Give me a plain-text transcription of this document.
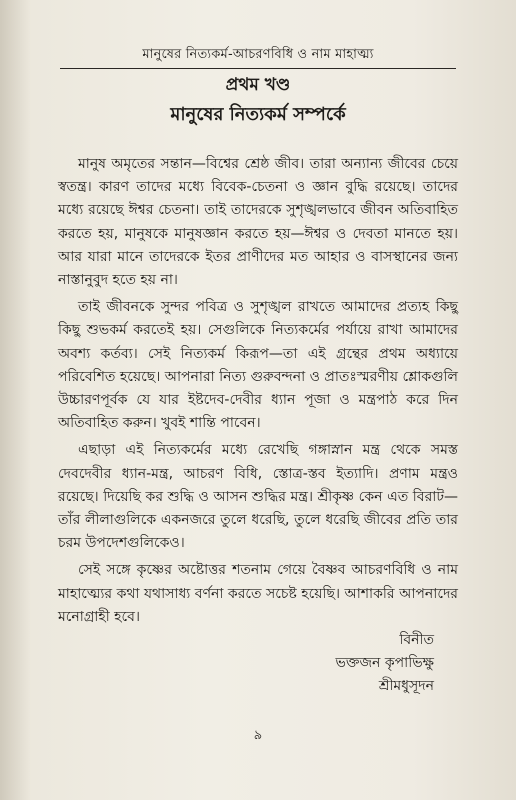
মানুষের নিত্যকর্ম-আচরণবিধি ও নাম মাহাত্ম্য
প্রথম খণ্ড
মানুষের নিত্যকর্ম সম্পর্কে

মানুষ অমৃতের সন্তান—বিশ্বের শ্রেষ্ঠ জীব। তারা অন্যান্য জীবের চেয়ে স্বতন্ত্র। কারণ তাদের মধ্যে বিবেক-চেতনা ও জ্ঞান বুদ্ধি রয়েছে। তাদের মধ্যে রয়েছে ঈশ্বর চেতনা। তাই তাদেরকে সুশৃঙ্খলভাবে জীবন অতিবাহিত করতে হয়, মানুষকে মানুষজ্ঞান করতে হয়—ঈশ্বর ও দেবতা মানতে হয়। আর যারা মানে তাদেরকে ইতর প্রাণীদের মত আহার ও বাসস্থানের জন্য নাস্তানুবুদ হতে হয় না।

তাই জীবনকে সুন্দর পবিত্র ও সুশৃঙ্খল রাখতে আমাদের প্রত্যহ কিছু কিছু শুভকর্ম করতেই হয়। সেগুলিকে নিত্যকর্মের পর্যায়ে রাখা আমাদের অবশ্য কর্তব্য। সেই নিত্যকর্ম কিরূপ—তা এই গ্রন্থের প্রথম অধ্যায়ে পরিবেশিত হয়েছে। আপনারা নিত্য গুরুবন্দনা ও প্রাতঃস্মরণীয় শ্লোকগুলি উচ্চারণপূর্বক যে যার ইষ্টদেব-দেবীর ধ্যান পূজা ও মন্ত্রপাঠ করে দিন অতিবাহিত করুন। খুবই শান্তি পাবেন।

এছাড়া এই নিত্যকর্মের মধ্যে রেখেছি গঙ্গাস্নান মন্ত্র থেকে সমস্ত দেবদেবীর ধ্যান-মন্ত্র, আচরণ বিধি, স্তোত্র-স্তব ইত্যাদি। প্রণাম মন্ত্রও রয়েছে। দিয়েছি কর শুদ্ধি ও আসন শুদ্ধির মন্ত্র। শ্রীকৃষ্ণ কেন এত বিরাট—তাঁর লীলাগুলিকে একনজরে তুলে ধরেছি, তুলে ধরেছি জীবের প্রতি তার চরম উপদেশগুলিকেও।

সেই সঙ্গে কৃষ্ণের অষ্টোত্তর শতনাম গেয়ে বৈষ্ণব আচরণবিধি ও নাম মাহাত্ম্যের কথা যথাসাধ্য বর্ণনা করতে সচেষ্ট হয়েছি। আশাকরি আপনাদের মনোগ্রাহী হবে।

বিনীত
ভক্তজন কৃপাভিক্ষু
শ্রীমধুসূদন
৯
